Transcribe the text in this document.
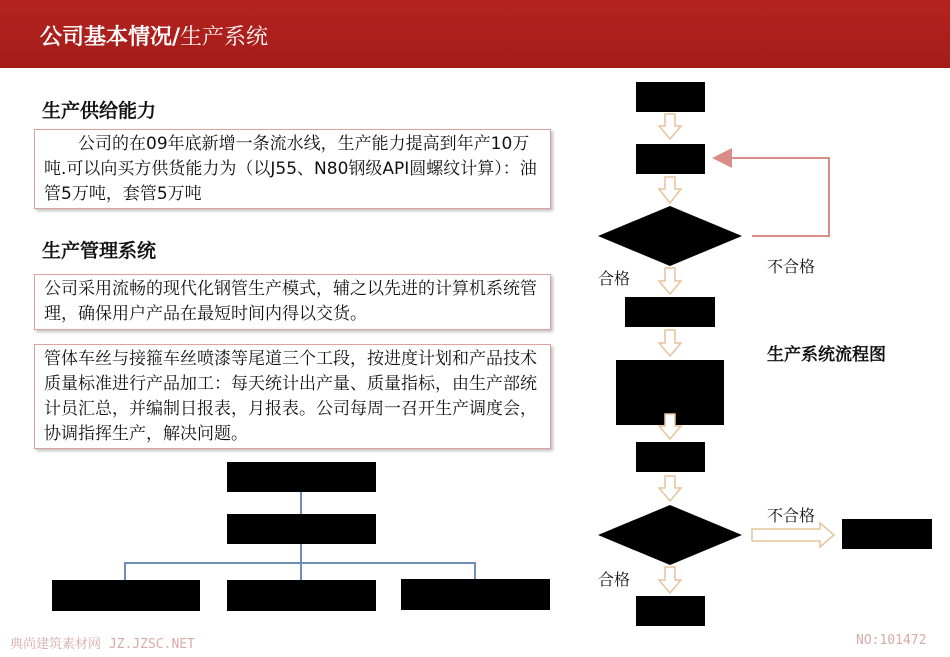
公司基本情况/生产系统
生产供给能力
　　公司的在09年底新增一条流水线，生产能力提高到年产10万吨.可以向买方供货能力为（以J55、N80钢级API圆螺纹计算）：油管5万吨，套管5万吨
生产管理系统
公司采用流畅的现代化钢管生产模式，辅之以先进的计算机系统管理，确保用户产品在最短时间内得以交货。
管体车丝与接箍车丝喷漆等尾道三个工段，按进度计划和产品技术质量标准进行产品加工：每天统计出产量、质量指标，由生产部统计员汇总，并编制日报表，月报表。公司每周一召开生产调度会，协调指挥生产，解决问题。
合格
不合格
生产系统流程图
不合格
合格
典尚建筑素材网 JZ.JZSC.NET	NO:101472
